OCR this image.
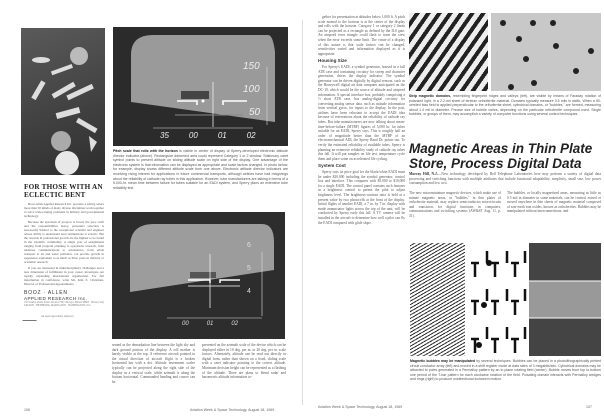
150
100
50
35	00	01	02
Pitch scale that rolls with the horizon is visible in center of display of Sperry-developed electronic attitude director indicator (above). Rectangular darkened area could represent Category 1 or 2 window. Stationary caret symbol points to present altitude on sliding altitude scale on right side of the display. One advantage of the electronic system is that information can be displayed as appropriate and scale factors changed. In photo below, for example, display shows different altitude scale from one above. Electronic attitude director indicators are receiving rising interest for applications in future commercial transports, although airlines have had misgivings about the reliability of cathode ray tubes in this application. However, tube manufacturers are talking in terms of a 5,000-hr. mean time between failure for tubes suitable for an EADI system, and Sperry plans an extensive tube reliability test.
FOR THOSE WITH AN ECLECTIC BENT

Booz-Allen Applied Research Inc. provides a setting where more than 50 minds of many diverse disciplines work together to solve wide-ranging problems in military and governmental technology.

Because the spectrum of projects is broad, the pace swift and the responsibilities heavy, personnel selection is necessarily limited to the exceptional scientist and engineer whose ability to understand and communicate is eclectic. But the rewards in professional growth are the highest to be found in the scientific community. A single year of assignments ranging from program planning to operations research, from undersea communications to astronautics, from urban transport to air and water pollution, can provide growth in experience equivalent to as much as three years in industry or academic research.

If you are interested in multidisciplinary challenges and a new dimension of fulfillment in your career, investigate our rapidly expanding international organization. For full information in confidence, write Mr. Kim E. Christians, Director of Professional Appointments.

BOOZ · ALLEN
APPLIED RESEARCH Inc.
135 South LaSalle Street, Room 2730, Chicago, Illinois 60603 · Phone (312) 346-9200 · BETHESDA, MARYLAND · WASHINGTON, D.C.
An equal opportunity employer
6
5
4
00	01	02
sented as the demarkation line between the light sky and dark ground portion of the display. A roll marker is barely visible at the top. A reference aircraft pointed in the actual direction of aircraft flight is a broken horizontal bar with a dot. Altitude investment scales typically can be projected along the right side of the display as a vertical scale, while azimuth is along the bottom horizontal. Commanded heading and course can be
presented on the azimuth scale of the device which can be displayed either in 10 deg. per in. or 20 deg. per in. scale factors. Alternately, altitude can be read out directly in digital form, rather than shown on a fixed, sliding scale with a caret indicator pointing to the correct altitude. Minimum decision height can be represented as a flashing of the altitude. There are plans to blend radar and barometric altitude information to-
106	Aviation Week & Space Technology, August 18, 1969

gether for presentation at altitudes below 1,000 ft. A pitch scale normal to the horizon is at the center of the display and rolls with the horizon. Category 1 or category 2 limits can be projected as a rectangle as defined by the ILS gate. An airspeed error triangle could flash to warn the crew when the error exceeds some limit. The virtue of a display of this nature is that scale factors can be changed, sensitivities varied and information displayed as it is appropriate.

Housing Size

For Sperry's EADI, a symbol generator, housed in a full ATR case and containing circuitry for sweep and character generation, drives the display indicator. The symbol generator can be driven digitally by digital sensors, such as the Honeywell digital air data computer anticipated on the DC-10, which would be the source of altitude and airspeed information. A special interface box, probably comprising a ½ short ATR case, has analog-digital circuitry for converting analog sensor data, such as attitude information from vertical gyros, for inputs to the display. In the past, airlines have been reluctant to accept the EADI idea because of reservations about the reliability of cathode ray tubes. But tube manufacturers are now talking about mean-time-before-failure (MTBF) figures of 5,000 hr. for tubes suitable for an EADI, Sperry says. This is roughly half an order of magnitude better than the MTBF of an electromechanical ADI, the Sperry Rand Dr. points out. To verify the estimated reliability of available tubes, Sperry is planning an extensive reliability study of cathode ray tubes this fall. It will put samples on life test, temperature cycle them and place some on accelerated life cycling.

System Cost

Sperry says its price goal for the black/white EADI must be under $20,000 including the symbol generator, control box and interface. This compares with $5,000 to $10,000 for a single EADI. The control panel contains such features as a brightness control to permit the pilot to adjust brightness level. The brightness-contrast ratio is held at a present value by two photocells at the front of the display. Initial flights of another EADI, a 7 in. by 7 in. display with mode annunciator lights across the top of the unit, will be conducted by Sperry early this fall. A TV camera will be installed in the aircraft to determine how well a pilot can fly the EADI compared with glide slope.

Strip magnetic domains, resembling fingerprint ridges and valleys (left), are visible by means of Faraday rotation of polarized light, in a 2.2-mil sheet of terbium orthoferrite material. Domains typically measure 3.5 mils in width. When a 50-oersted bias field is applied perpendicular to the orthoferrite sheet, cylindrical domains, or "bubbles," are formed, measuring about 1.4 mil in diameter. Precise size of bubble varies, depending on the particular orthoferrite compound used. Single bubbles, or groups of them, may accomplish a variety of computer functions using several control techniques.
Magnetic Areas in Thin Plate Store, Process Digital Data
Murray Hill, N.J.—New technology developed by Bell Telephone Laboratories here may perform a variety of digital data processing and switching functions with multiple attributes that include functional adaptability, simplicity, small size, low power consumption and low cost.
The new microminiature magnetic devices, which make use of minute magnetic areas, or "bubbles," in thin plates of orthoferrite material, may replace semiconductor microcircuits and transistors for digital functions in computers, communications and switching systems (AW&ST Aug. 11, p. 31).
The bubbles, or locally magnetized areas, measuring as little as 0.5 mil in diameter in some materials, can be created, erased or moved anywhere in thin sheets of magnetic material composed of rare earth iron oxides, known as orthoferrites. Bubbles may be manipulated without interconnections, and
Magnetic bubbles may be manipulated by several techniques. Bubbles can be placed in a photolithographically printed circuit conductor array (left) and moved in a shift register mode at data rates of 3 megabits/sec. Cylindrical domains may be attracted to poles generated in a Permalloy pattern by an in-plane rotating field (center). Bubble moves from top to bottom one period of the T-bar pattern for each clockwise rotation of the field. Pulsating domain interacts with Permalloy wedges and rings (right) to produce unidirectional inchworm motion.
Aviation Week & Space Technology, August 18, 1969	107
